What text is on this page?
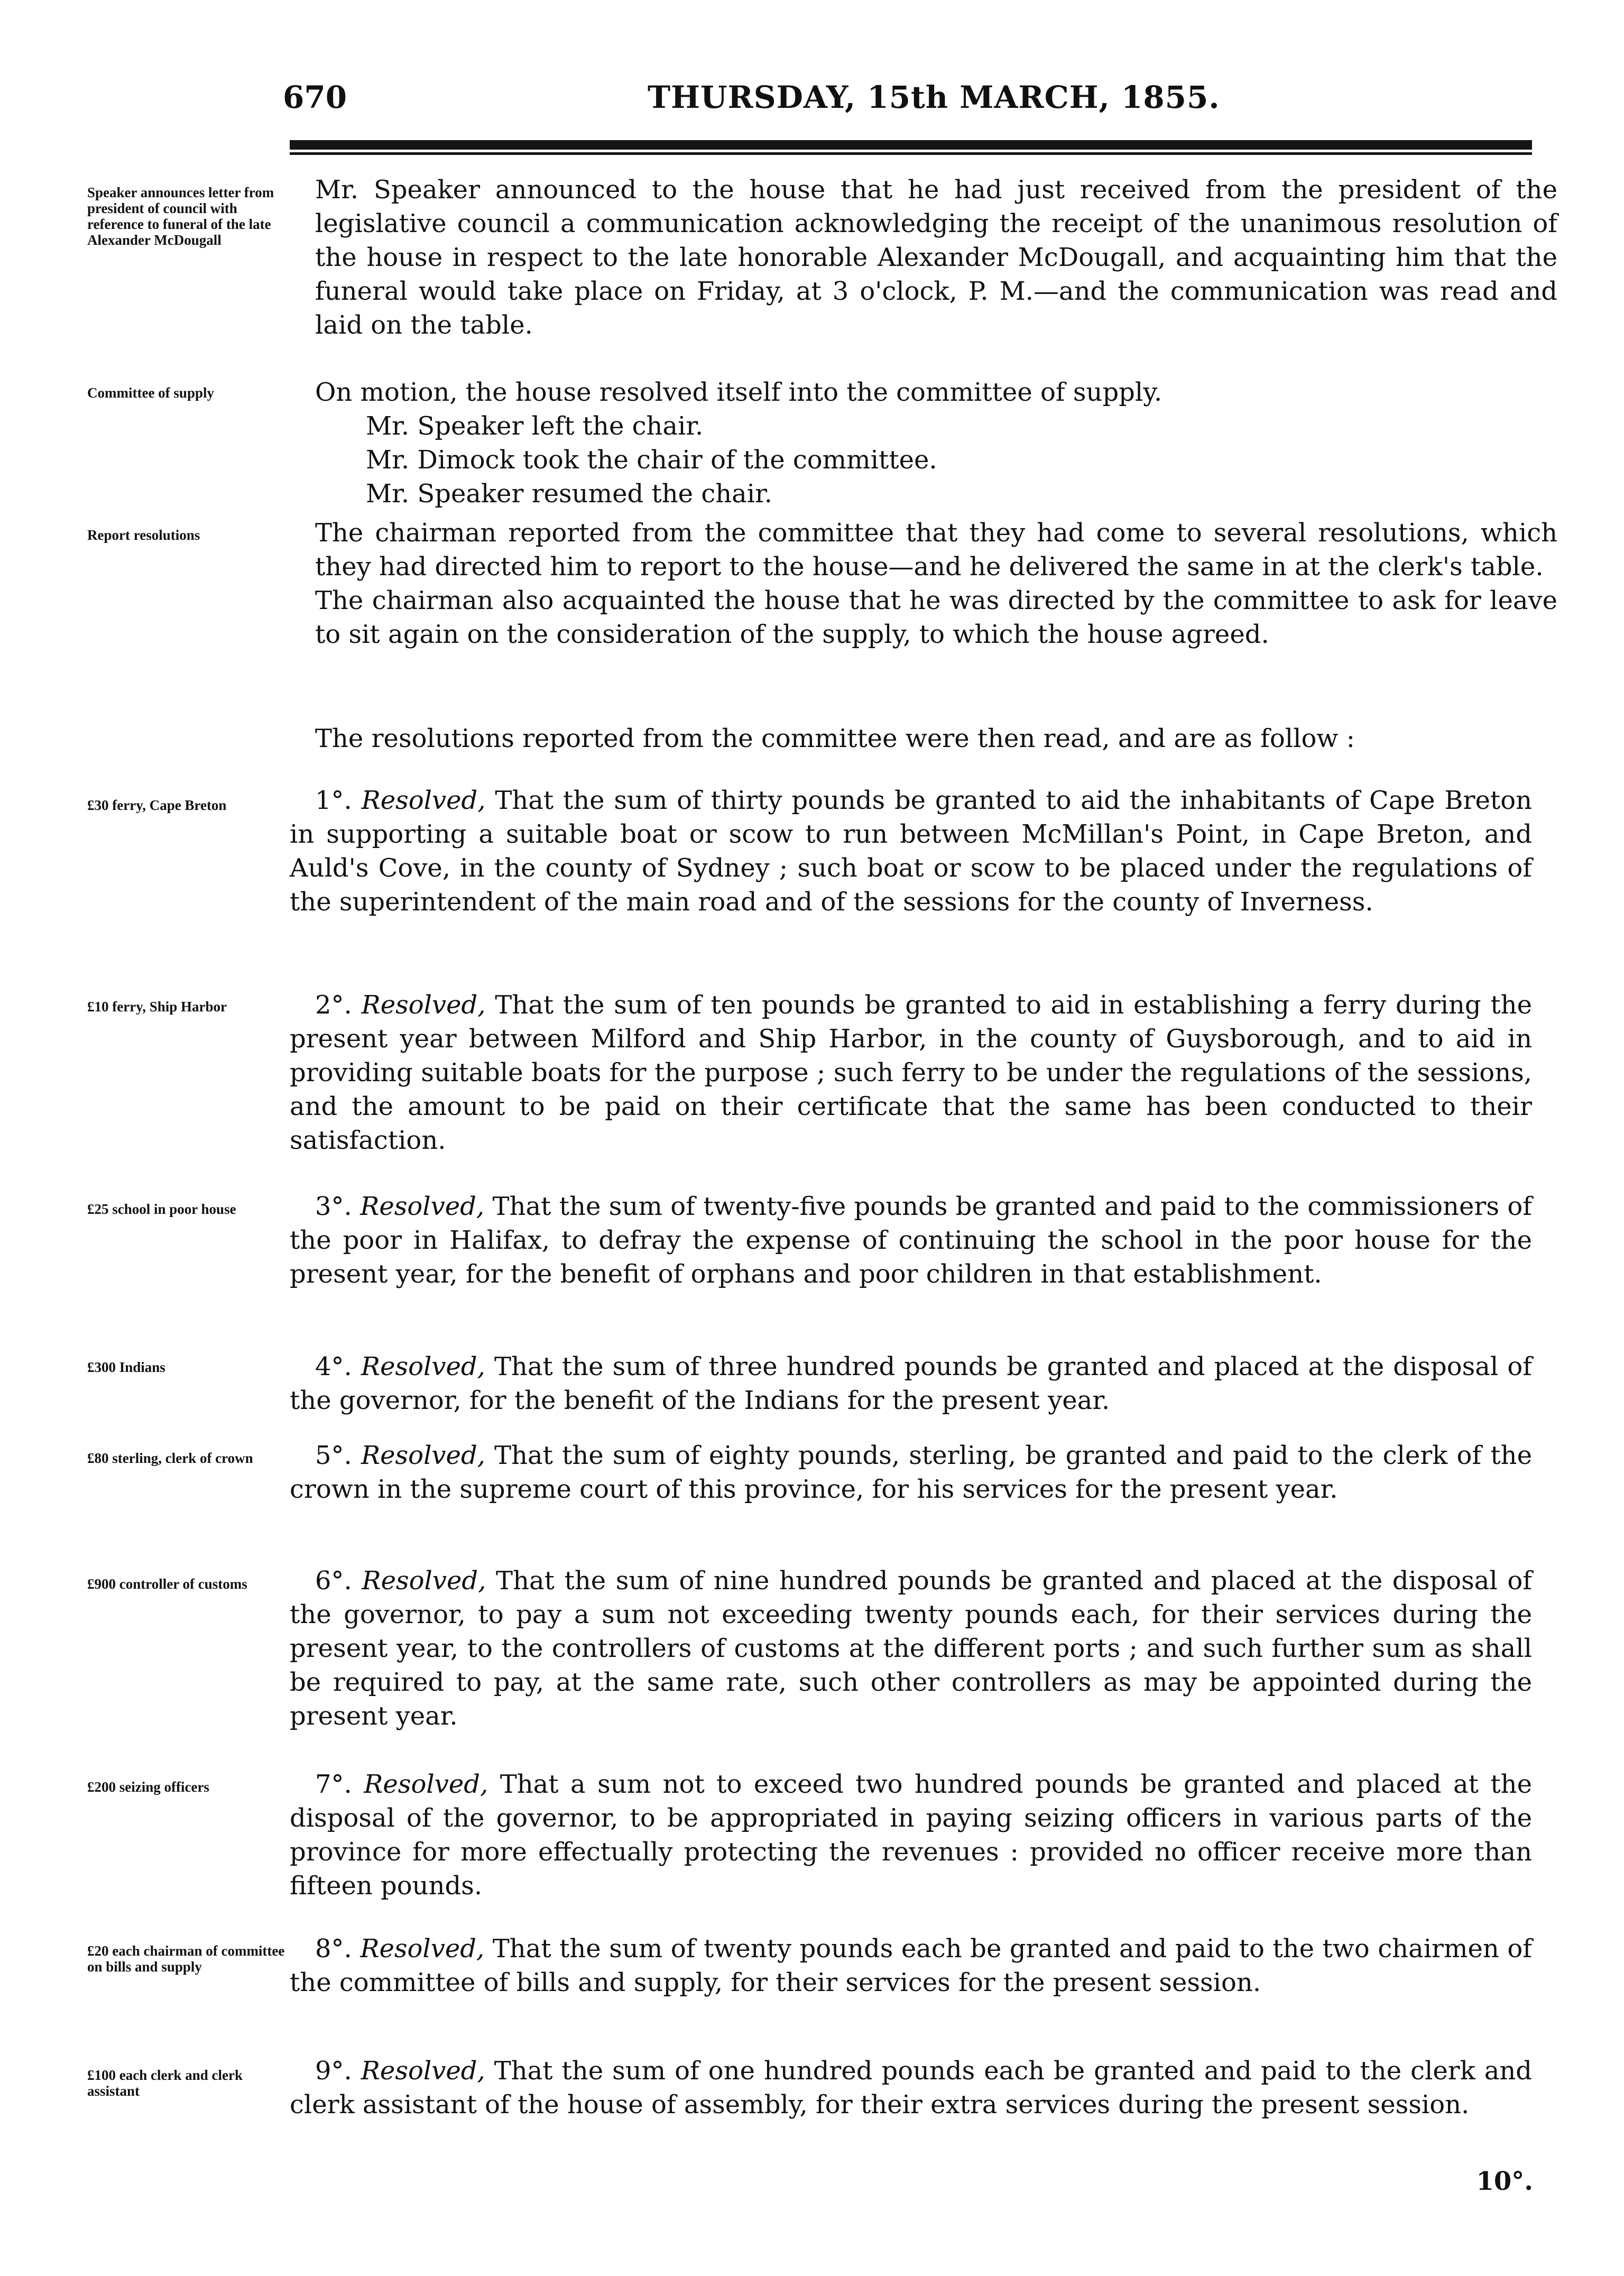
670	THURSDAY, 15th MARCH, 1855.
Speaker announces letter from president of council with reference to funeral of the late Alexander McDougall
Mr. Speaker announced to the house that he had just received from the president of the legislative council a communication acknowledging the receipt of the unanimous resolution of the house in respect to the late honorable Alexander McDougall, and acquainting him that the funeral would take place on Friday, at 3 o'clock, P. M.—and the communication was read and laid on the table.
Committee of supply	On motion, the house resolved itself into the committee of supply.
Mr. Speaker left the chair.
Mr. Dimock took the chair of the committee.
Mr. Speaker resumed the chair.
Report resolutions	The chairman reported from the committee that they had come to several resolutions, which they had directed him to report to the house—and he delivered the same in at the clerk's table.
The chairman also acquainted the house that he was directed by the committee to ask for leave to sit again on the consideration of the supply, to which the house agreed.
The resolutions reported from the committee were then read, and are as follow :
£30 ferry, Cape Breton	1°. Resolved, That the sum of thirty pounds be granted to aid the inhabitants of Cape Breton in supporting a suitable boat or scow to run between McMillan's Point, in Cape Breton, and Auld's Cove, in the county of Sydney ; such boat or scow to be placed under the regulations of the superintendent of the main road and of the sessions for the county of Inverness.
£10 ferry, Ship Harbor	2°. Resolved, That the sum of ten pounds be granted to aid in establishing a ferry during the present year between Milford and Ship Harbor, in the county of Guysborough, and to aid in providing suitable boats for the purpose ; such ferry to be under the regulations of the sessions, and the amount to be paid on their certificate that the same has been conducted to their satisfaction.
£25 school in poor house	3°. Resolved, That the sum of twenty-five pounds be granted and paid to the commissioners of the poor in Halifax, to defray the expense of continuing the school in the poor house for the present year, for the benefit of orphans and poor children in that establishment.
£300 Indians	4°. Resolved, That the sum of three hundred pounds be granted and placed at the disposal of the governor, for the benefit of the Indians for the present year.
£80 sterling, clerk of crown	5°. Resolved, That the sum of eighty pounds, sterling, be granted and paid to the clerk of the crown in the supreme court of this province, for his services for the present year.
£900 controller of customs	6°. Resolved, That the sum of nine hundred pounds be granted and placed at the disposal of the governor, to pay a sum not exceeding twenty pounds each, for their services during the present year, to the controllers of customs at the different ports ; and such further sum as shall be required to pay, at the same rate, such other controllers as may be appointed during the present year.
£200 seizing officers	7°. Resolved, That a sum not to exceed two hundred pounds be granted and placed at the disposal of the governor, to be appropriated in paying seizing officers in various parts of the province for more effectually protecting the revenues : provided no officer receive more than fifteen pounds.
£20 each chairman of committee on bills and supply
8°. Resolved, That the sum of twenty pounds each be granted and paid to the two chairmen of the committee of bills and supply, for their services for the present session.
£100 each clerk and clerk assistant
9°. Resolved, That the sum of one hundred pounds each be granted and paid to the clerk and clerk assistant of the house of assembly, for their extra services during the present session.
10°.
